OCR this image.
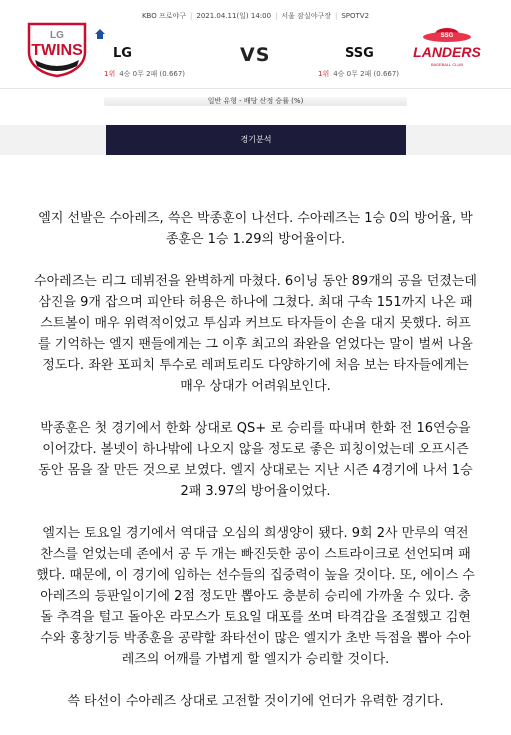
KBO 프로야구 | 2021.04.11(일) 14:00 | 서울 잠실야구장 | SPOTV2
LG
TWINS LG	VS	SSG
1위 4승 0무 2패 (0.667)	1위 4승 0무 2패 (0.667)
SSG
LANDERS
BASEBALL CLUB
일반 유형 - 배당 산정 승률 (%)
경기분석
엘지 선발은 수아레즈, 쓱은 박종훈이 나선다. 수아레즈는 1승 0의 방어율, 박
종훈은 1승 1.29의 방어율이다.
수아레즈는 리그 데뷔전을 완벽하게 마쳤다. 6이닝 동안 89개의 공을 던졌는데
삼진을 9개 잡으며 피안타 허용은 하나에 그쳤다. 최대 구속 151까지 나온 패
스트볼이 매우 위력적이었고 투심과 커브도 타자들이 손을 대지 못했다. 허프
를 기억하는 엘지 팬들에게는 그 이후 최고의 좌완을 얻었다는 말이 벌써 나올
정도다. 좌완 포피치 투수로 레퍼토리도 다양하기에 처음 보는 타자들에게는
매우 상대가 어려워보인다.
박종훈은 첫 경기에서 한화 상대로 QS+ 로 승리를 따내며 한화 전 16연승을
이어갔다. 볼넷이 하나밖에 나오지 않을 정도로 좋은 피칭이었는데 오프시즌
동안 몸을 잘 만든 것으로 보였다. 엘지 상대로는 지난 시즌 4경기에 나서 1승
2패 3.97의 방어율이었다.
엘지는 토요일 경기에서 역대급 오심의 희생양이 됐다. 9회 2사 만루의 역전
찬스를 얻었는데 존에서 공 두 개는 빠진듯한 공이 스트라이크로 선언되며 패
했다. 때문에, 이 경기에 임하는 선수들의 집중력이 높을 것이다. 또, 에이스 수
아레즈의 등판일이기에 2점 정도만 뽑아도 충분히 승리에 가까울 수 있다. 충
돌 추격을 털고 돌아온 라모스가 토요일 대포를 쏘며 타격감을 조절했고 김현
수와 홍창기등 박종훈을 공략할 좌타선이 많은 엘지가 초반 득점을 뽑아 수아
레즈의 어깨를 가볍게 할 엘지가 승리할 것이다.
쓱 타선이 수아레즈 상대로 고전할 것이기에 언더가 유력한 경기다.
